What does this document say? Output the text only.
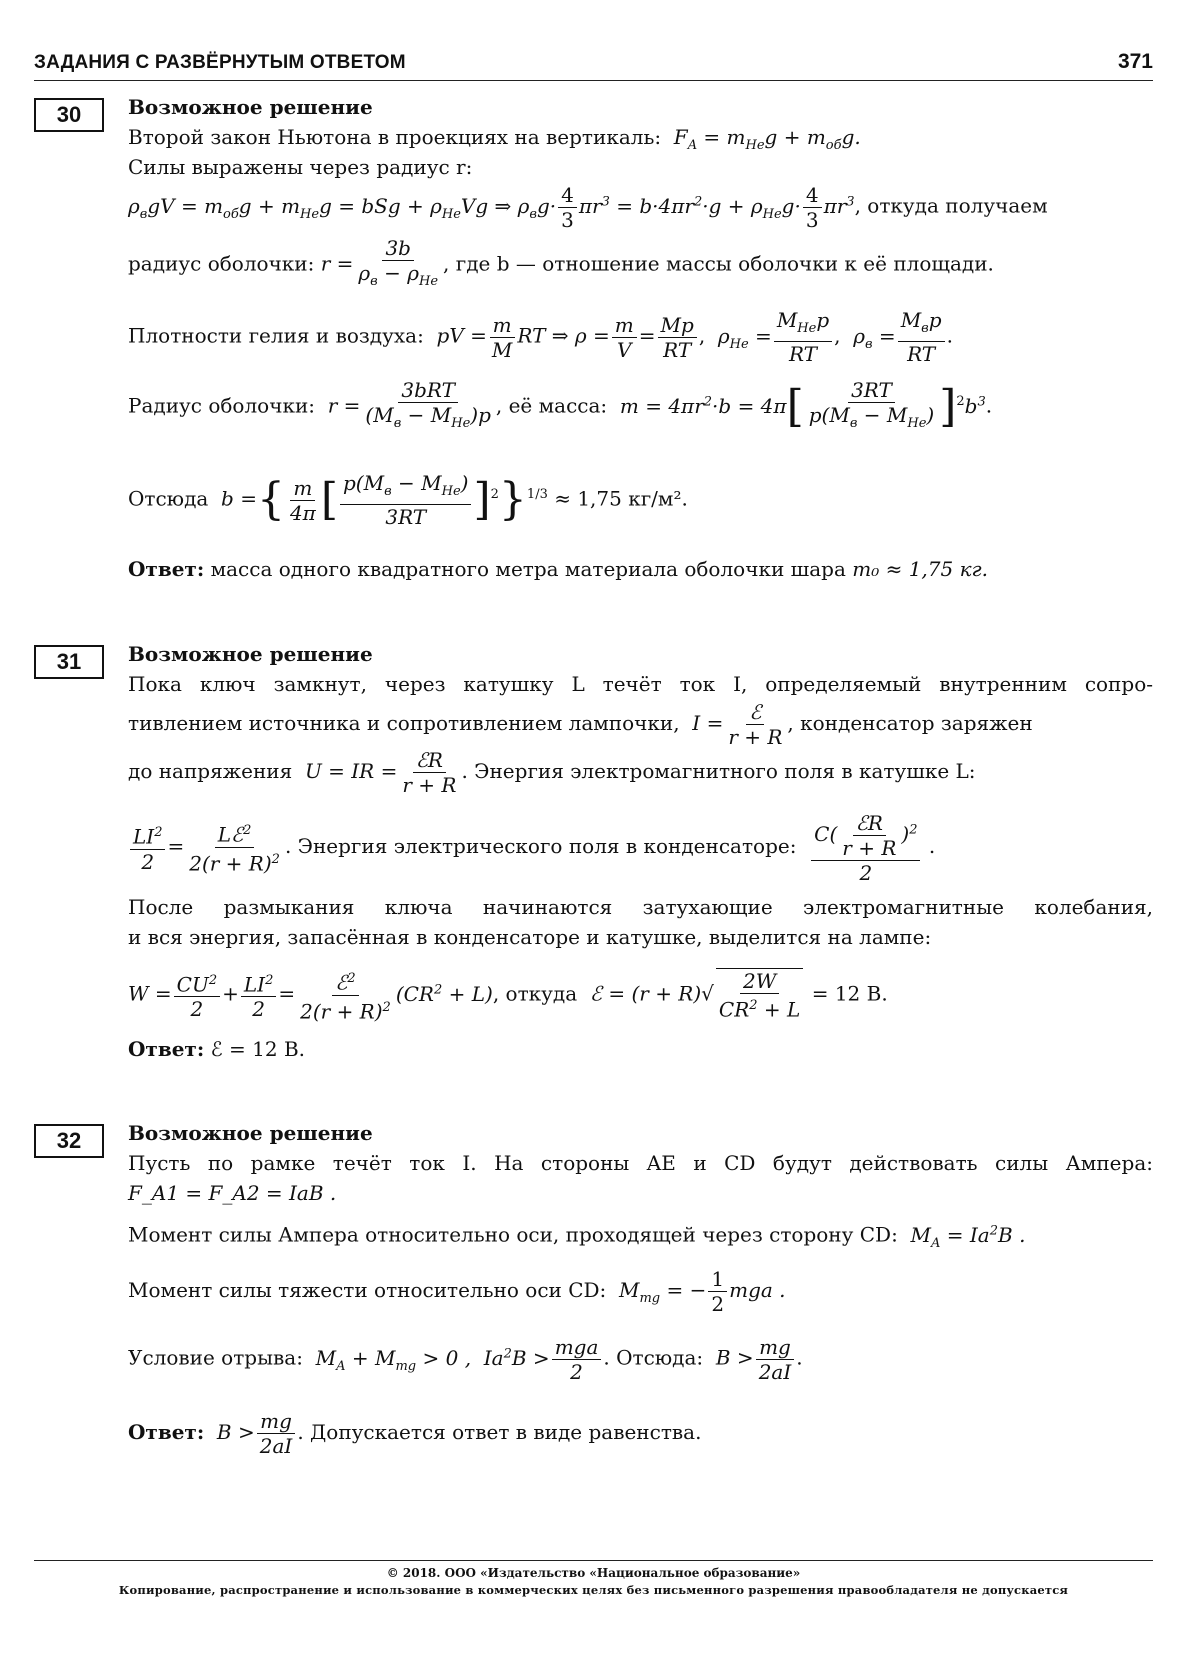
ЗАДАНИЯ С РАЗВЁРНУТЫМ ОТВЕТОМ	371
30	Возможное решение
Второй закон Ньютона в проекциях на вертикаль:  $F_A = m_{He}g + m_{об}g$.
Силы выражены через радиус r:
$\rho_вgV = m_{об}g + m_{He}g$ = bSg + $\rho_{He}Vg$ ⇒ $\rho_вg\cdot \frac{4}{3} \pi r^3 = b\cdot 4\pi r^2\cdot g + \rho_{He}g\cdot \frac{4}{3} \pi r^3$, откуда получаем
радиус оболочки: $r = \frac{3b}{\rho_в - \rho_{He}}$ , где b — отношение массы оболочки к её площади.
Плотности гелия и воздуха:  pV = $\frac{m}{M}$ RT ⇒ $\rho = \frac{m}{V} = \frac{Mp}{RT}$ ,  $\rho_{He} = \frac{M_{He}p}{RT}$ ,  $\rho_в = \frac{M_вp}{RT}$ .
Радиус оболочки:  $r = \frac{\text{3bRT}}{(M_в - M_{He})p}$ , её масса:  $m = 4\pi r^2\cdot b = 4\pi[ \frac{3RT}{p(M_в - M_{He})} ]^2b^3$.
Отсюда  b ={ $\frac{m}{4\pi}$ [ $\frac{p(M_в - M_{He})}{3RT} ]^2\}^{1/3} \approx 1,75$ кг/м².
Ответ: масса одного квадратного метра материала оболочки шара m₀ ≈ 1,75 кг.
31	Возможное решение
Пока ключ замкнут, через катушку L течёт ток I, определяемый внутренним сопро-
тивлением источника и сопротивлением лампочки,  $I = \frac{\text{ℰ}}{r + R}$ , конденсатор заряжен
до напряжения  U = IR = $\frac{\text{ℰR}}{r + R}$ . Энергия электромагнитного поля в катушке L:
$\frac{LI^2}{2} = \frac{Lℰ^2}{2(r + R)^2}$ . Энергия электрического поля в конденсаторе: $\frac{C( \frac{\text{ℰR}}{r + R} )^2}{2}$ .
После размыкания ключа начинаются затухающие электромагнитные колебания,
и вся энергия, запасённая в конденсаторе и катушке, выделится на лампе:
$W = \frac{CU^2}{2} + \frac{LI^2}{2} = \frac{ℰ^2}{2(r + R)^2} (CR^2 + L)$, откуда  ℰ = $(r + R)√ \frac{2W}{CR^2 + L} = 12$ В.
Ответ: ℰ = 12 В.
32	Возможное решение
Пусть по рамке течёт ток I. На стороны AE и CD будут действовать силы Ампера:
F_A1 = F_A2 = IaB .
Момент силы Ампера относительно оси, проходящей через сторону CD:  $M_A = Ia^2B$ .
Момент силы тяжести относительно оси CD:  $M_{mg}$ = − $\frac{1}{2}$ mga .
Условие отрыва:  $M_A + M_{mg} > 0$ ,  $Ia^2B > \frac{\text{mga}}{2}$ . Отсюда:  $B > \frac{mg}{2aI}$ .
Ответ:  $B > \frac{mg}{2aI}$ . Допускается ответ в виде равенства.
© 2018. ООО «Издательство «Национальное образование»
Копирование, распространение и использование в коммерческих целях без письменного разрешения правообладателя не допускается
